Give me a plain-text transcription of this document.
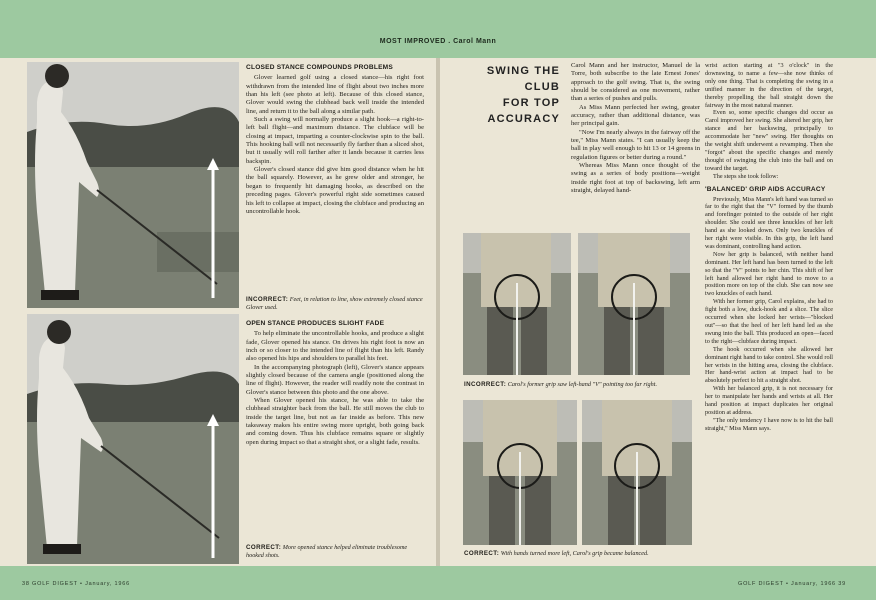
MOST IMPROVED . Carol Mann
CLOSED STANCE COMPOUNDS PROBLEMS

Glover learned golf using a closed stance—his right foot withdrawn from the intended line of flight about two inches more than his left (see photo at left). Because of this closed stance, Glover would swing the clubhead back well inside the intended line, and return it to the ball along a similar path.

Such a swing will normally produce a slight hook—a right-to-left ball flight—and maximum distance. The clubface will be closing at impact, imparting a counter-clockwise spin to the ball. This hooking ball will not necessarily fly farther than a sliced shot, but it usually will roll farther after it lands because it carries less backspin.

Glover's closed stance did give him good distance when he hit the ball squarely. However, as he grew older and stronger, he began to frequently hit damaging hooks, as described on the preceding pages. Glover's powerful right side sometimes caused his left to collapse at impact, closing the clubface and producing an uncontrollable hook.

INCORRECT: Feet, in relation to line, show extremely closed stance Glover used.
OPEN STANCE PRODUCES SLIGHT FADE

To help eliminate the uncontrollable hooks, and produce a slight fade, Glover opened his stance. On drives his right foot is now an inch or so closer to the intended line of flight than his left. Randy also opened his hips and shoulders to parallel his feet.

In the accompanying photograph (left), Glover's stance appears slightly closed because of the camera angle (positioned along the line of flight). However, the reader will readily note the contrast in Glover's stance between this photo and the one above.

When Glover opened his stance, he was able to take the clubhead straighter back from the ball. He still moves the club to inside the target line, but not as far inside as before. This new takeaway makes his entire swing more upright, both going back and coming down. Thus his clubface remains square or slightly open during impact so that a straight shot, or a slight fade, results.

CORRECT: More opened stance helped eliminate troublesome hooked shots.
SWING THE
CLUB
FOR TOP
ACCURACY

Carol Mann and her instructor, Manuel de la Torre, both subscribe to the late Ernest Jones' approach to the golf swing. That is, the swing should be considered as one movement, rather than a series of pushes and pulls.

As Miss Mann perfected her swing, greater accuracy, rather than additional distance, was her principal gain.

"Now I'm nearly always in the fairway off the tee," Miss Mann states. "I can usually keep the ball in play well enough to hit 13 or 14 greens in regulation figures or better during a round."

Whereas Miss Mann once thought of the swing as a series of body positions—weight inside right foot at top of backswing, left arm straight, delayed hand-

wrist action starting at "3 o'clock" in the downswing, to name a few—she now thinks of only one thing. That is completing the swing in a unified manner in the direction of the target, thereby propelling the ball straight down the fairway in the most natural manner.

Even so, some specific changes did occur as Carol improved her swing. She altered her grip, her stance and her backswing, principally to accommodate her "new" swing. Her thoughts on the weight shift underwent a revamping. Then she "forgot" about the specific changes and merely thought of swinging the club into the ball and on toward the target.

The steps she took follow:

'BALANCED' GRIP AIDS ACCURACY

Previously, Miss Mann's left hand was turned so far to the right that the "V" formed by the thumb and forefinger pointed to the outside of her right shoulder. She could see three knuckles of her left hand as she looked down. Only two knuckles of her right were visible. In this grip, the left hand was dominant, controlling hand action.

Now her grip is balanced, with neither hand dominant. Her left hand has been turned to the left so that the "V" points to her chin. This shift of her left hand allowed her right hand to move to a position more on top of the club. She can now see two knuckles of each hand.

With her former grip, Carol explains, she had to fight both a low, duck-hook and a slice. The slice occurred when she locked her wrists—"blocked out"—so that the heel of her left hand led as she swung into the ball. This produced an open—faced to the right—clubface during impact.

The hook occurred when she allowed her dominant right hand to take control. She would roll her wrists in the hitting area, closing the clubface. Her hand-wrist action at impact had to be absolutely perfect to hit a straight shot.

With her balanced grip, it is not necessary for her to manipulate her hands and wrists at all. Her hand position at impact duplicates her original position at address.

"The only tendency I have now is to hit the ball straight," Miss Mann says.

INCORRECT: Carol's former grip saw left-hand "V" pointing too far right.
CORRECT: With hands turned more left, Carol's grip became balanced.
38 GOLF DIGEST • January, 1966	GOLF DIGEST • January, 1966 39
